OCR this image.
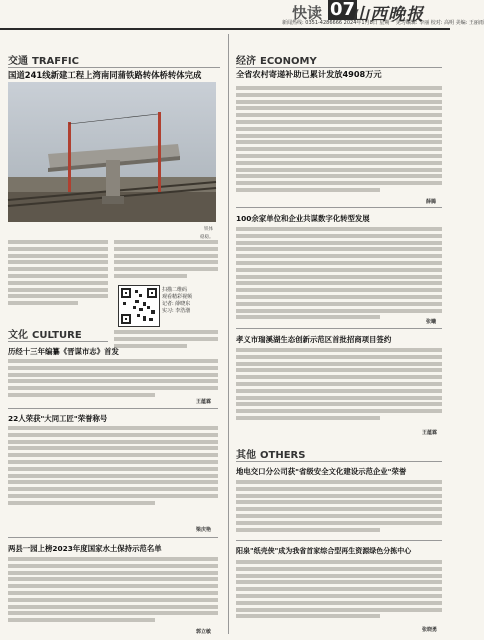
快读 07
山西晚报
新闻热线: 0351-4286666 2024年1月8日 星期一 见习编辑: 李丽 校对: 高明 美编: 王丽雨
交通 TRAFFIC
国道241线新建工程上湾南同蒲铁路转体桥转体完成
铁体
稳稳。
扫描二维码
观看精彩视频
记者: 薛晓东
实习: 李浩渤
文化 CULTURE
历经十三年编纂《晋谋市志》首发
王蕴霖
22人荣获"大同工匠"荣誉称号
梁庆艳
两县一园上榜2023年度国家水土保持示范名单
郭立敏
经济 ECONOMY
全省农村寄递补助已累计发放4908万元
薛腾
100余家单位和企业共谋数字化转型发展
张曦
孝义市瑞溪湖生态创新示范区首批招商项目签约
王蕴霖
其他 OTHERS
地电交口分公司获"省级安全文化建设示范企业"荣誉
阳泉"纸壳侠"成为我省首家综合型再生资源绿色分拣中心
张晓勇
